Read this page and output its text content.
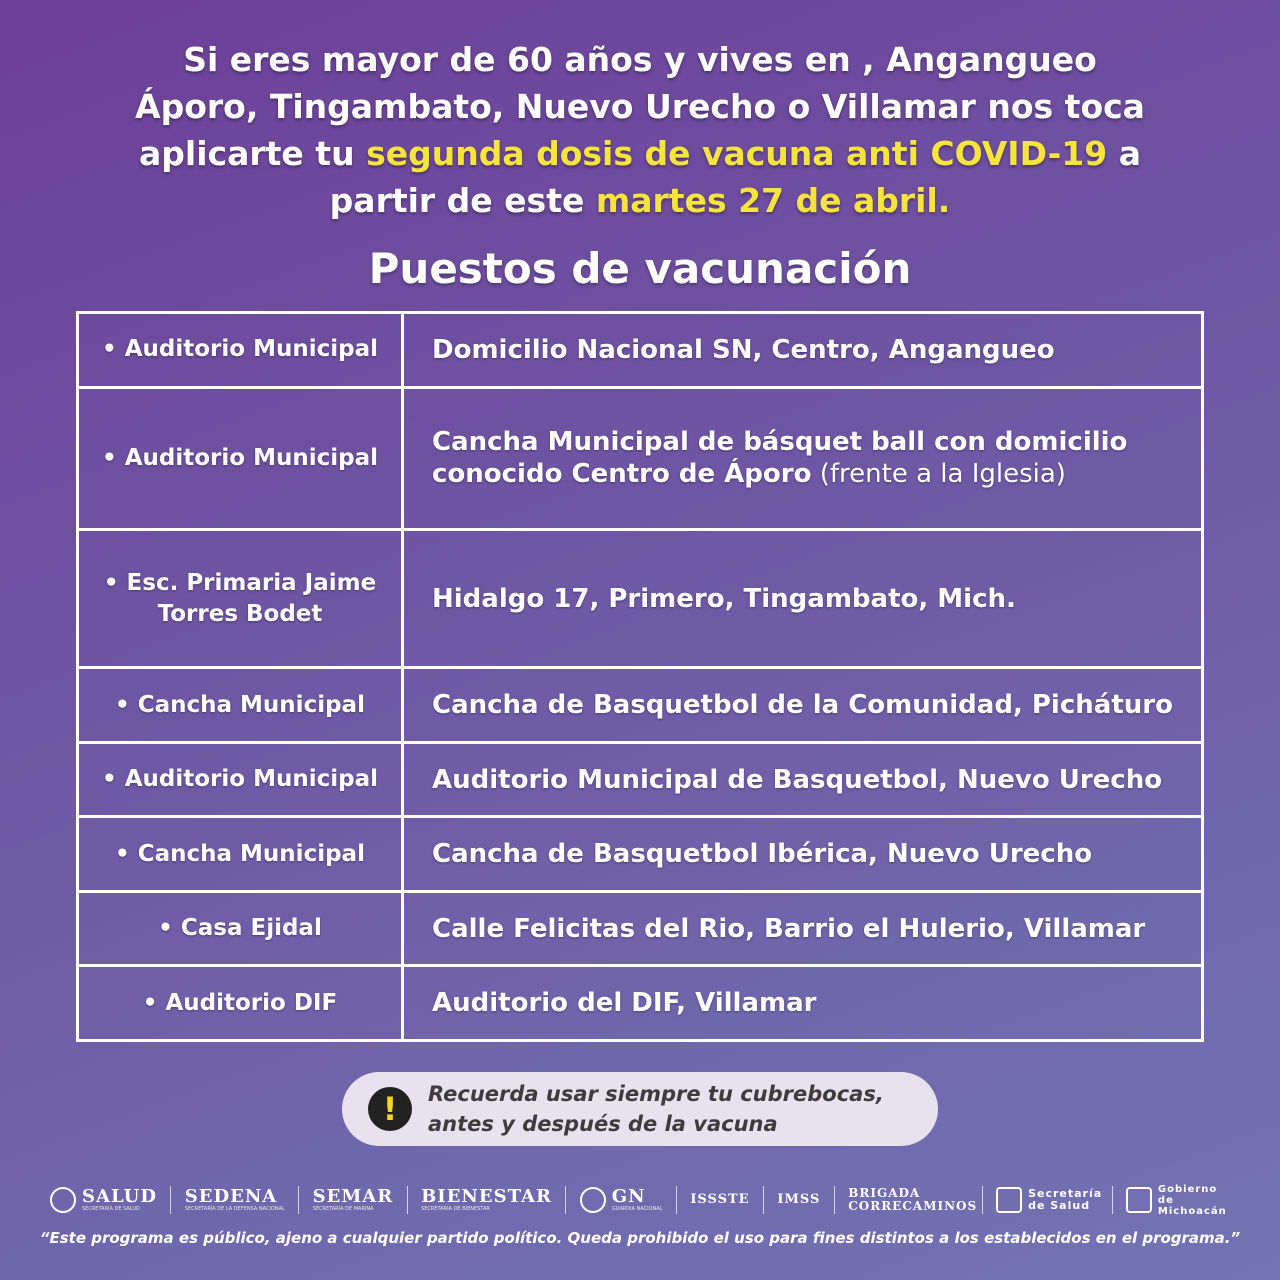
Si eres mayor de 60 años y vives en , Angangueo
Áporo, Tingambato, Nuevo Urecho o Villamar nos toca
aplicarte tu segunda dosis de vacuna anti COVID-19 a
partir de este martes 27 de abril.
Puestos de vacunación
• Auditorio Municipal	Domicilio Nacional SN, Centro, Angangueo
• Auditorio Municipal	Cancha Municipal de básquet ball con domicilio conocido Centro de Áporo (frente a la Iglesia)
• Esc. Primaria Jaime Torres Bodet	Hidalgo 17, Primero, Tingambato, Mich.
• Cancha Municipal	Cancha de Basquetbol de la Comunidad, Picháturo
• Auditorio Municipal	Auditorio Municipal de Basquetbol, Nuevo Urecho
• Cancha Municipal	Cancha de Basquetbol Ibérica, Nuevo Urecho
• Casa Ejidal	Calle Felicitas del Rio, Barrio el Hulerio, Villamar
• Auditorio DIF	Auditorio del DIF, Villamar
!	Recuerda usar siempre tu cubrebocas,
antes y después de la vacuna
SALUD
SECRETARÍA DE SALUD
SEDENA
SECRETARÍA DE LA DEFENSA NACIONAL
SEMAR
SECRETARÍA DE MARINA
BIENESTAR
SECRETARÍA DE BIENESTAR
GN
GUARDIA NACIONAL
ISSSTE IMSS BRIGADA CORRECAMINOS
Secretaría de Salud
Gobierno de Michoacán
“Este programa es público, ajeno a cualquier partido político. Queda prohibido el uso para fines distintos a los establecidos en el programa.”
